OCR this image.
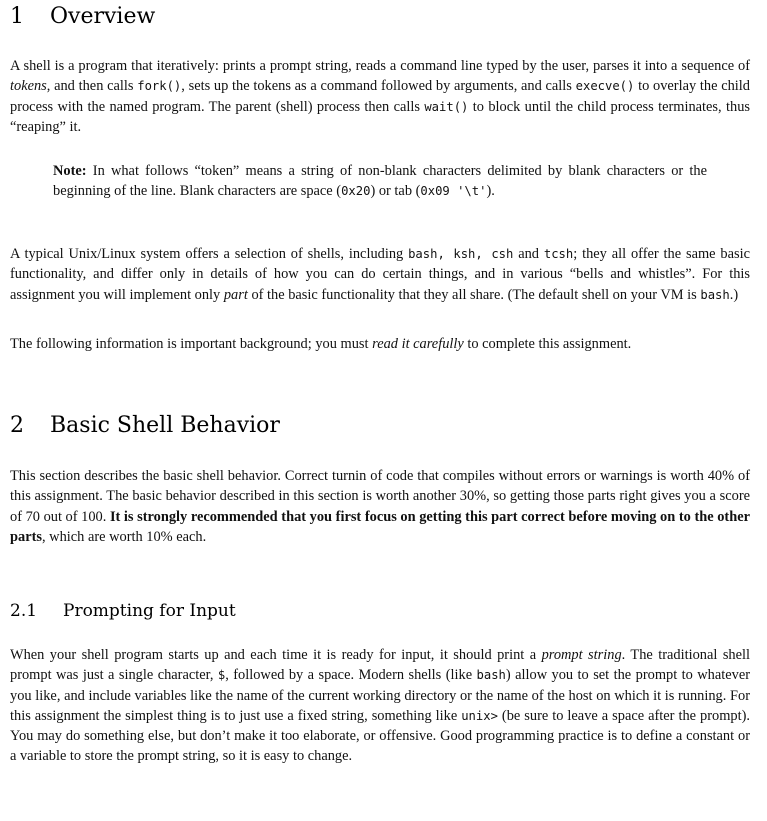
1 Overview

A shell is a program that iteratively: prints a prompt string, reads a command line typed by the user, parses it into a sequence of tokens, and then calls fork(), sets up the tokens as a command followed by arguments, and calls execve() to overlay the child process with the named program. The parent (shell) process then calls wait() to block until the child process terminates, thus “reaping” it.

Note: In what follows “token” means a string of non-blank characters delimited by blank characters or the beginning of the line. Blank characters are space (0x20) or tab (0x09 '\t').

A typical Unix/Linux system offers a selection of shells, including bash, ksh, csh and tcsh; they all offer the same basic functionality, and differ only in details of how you can do certain things, and in various “bells and whistles”. For this assignment you will implement only part of the basic functionality that they all share. (The default shell on your VM is bash.)

The following information is important background; you must read it carefully to complete this assignment.

2 Basic Shell Behavior

This section describes the basic shell behavior. Correct turnin of code that compiles without errors or warnings is worth 40% of this assignment. The basic behavior described in this section is worth another 30%, so getting those parts right gives you a score of 70 out of 100. It is strongly recommended that you first focus on getting this part correct before moving on to the other parts, which are worth 10% each.

2.1 Prompting for Input

When your shell program starts up and each time it is ready for input, it should print a prompt string. The traditional shell prompt was just a single character, $, followed by a space. Modern shells (like bash) allow you to set the prompt to whatever you like, and include variables like the name of the current working directory or the name of the host on which it is running. For this assignment the simplest thing is to just use a fixed string, something like unix> (be sure to leave a space after the prompt). You may do something else, but don’t make it too elaborate, or offensive. Good programming practice is to define a constant or a variable to store the prompt string, so it is easy to change.
